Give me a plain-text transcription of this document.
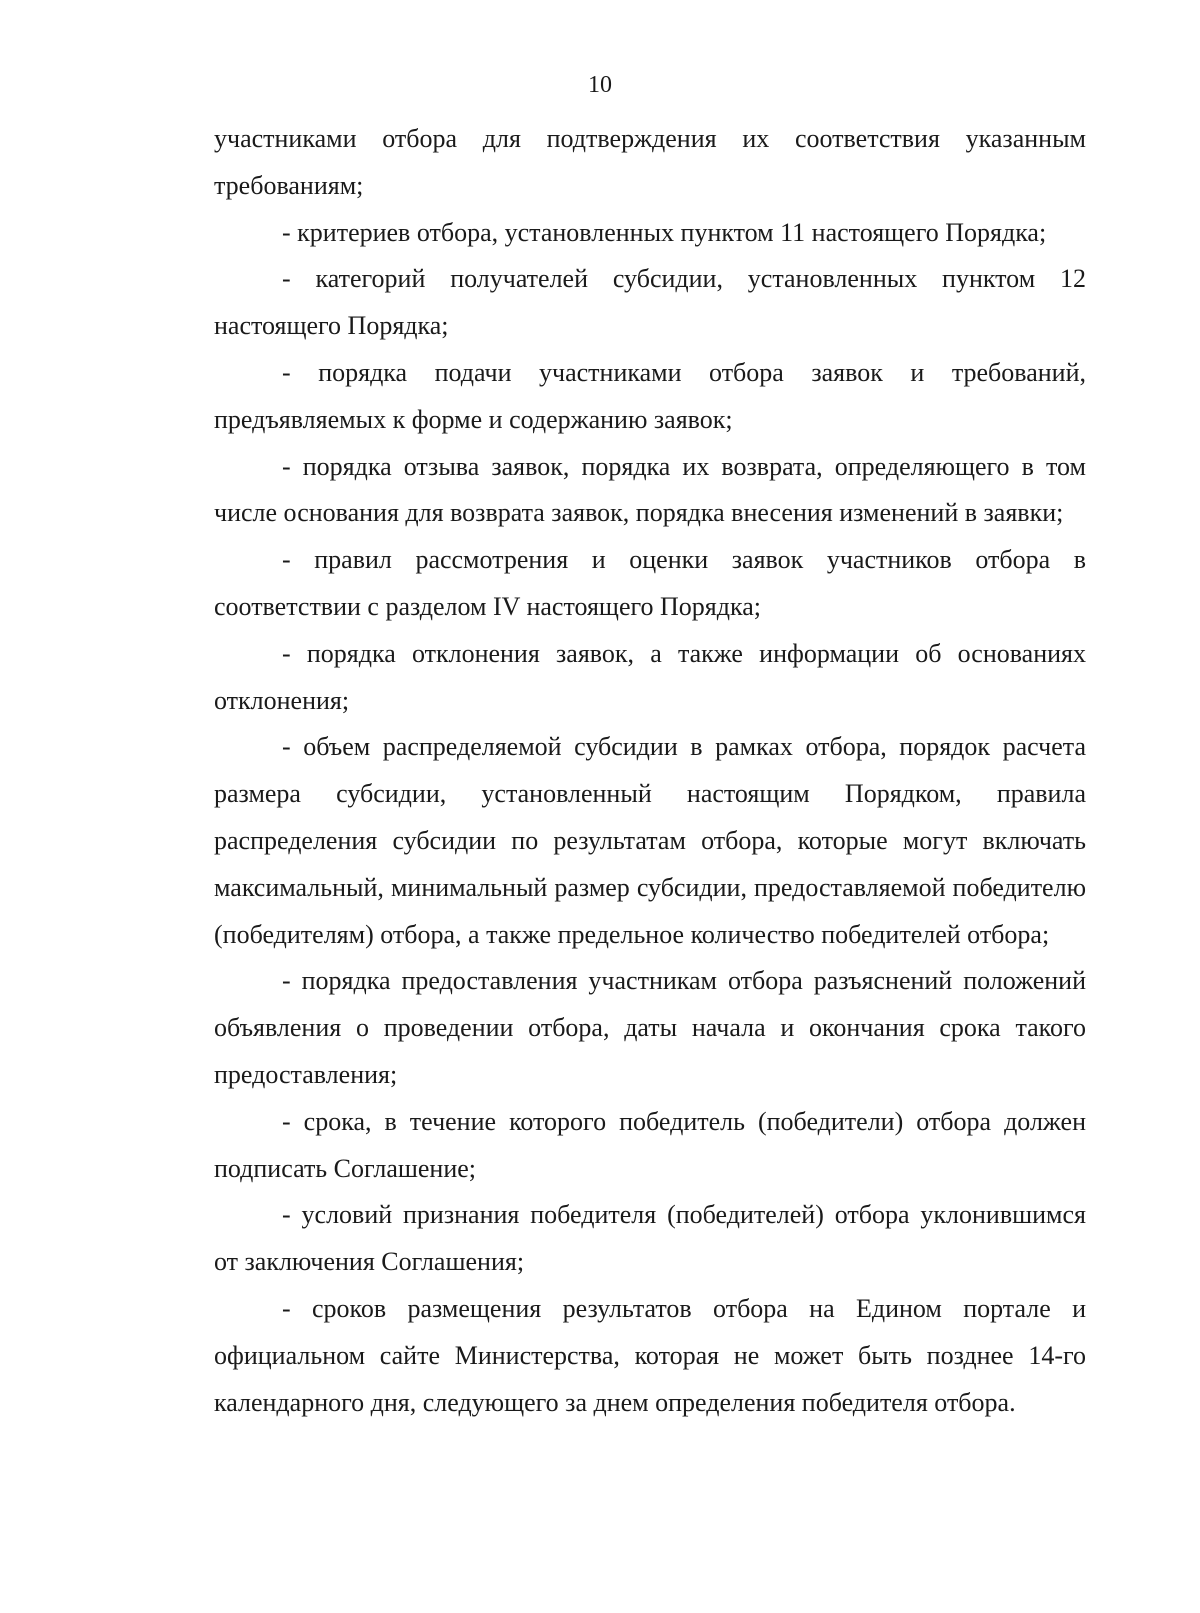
10

участниками отбора для подтверждения их соответствия указанным требованиям;

- критериев отбора, установленных пунктом 11 настоящего Порядка;

- категорий получателей субсидии, установленных пунктом 12 настоящего Порядка;

- порядка подачи участниками отбора заявок и требований, предъявляемых к форме и содержанию заявок;

- порядка отзыва заявок, порядка их возврата, определяющего в том числе основания для возврата заявок, порядка внесения изменений в заявки;

- правил рассмотрения и оценки заявок участников отбора в соответствии с разделом IV настоящего Порядка;

- порядка отклонения заявок, а также информации об основаниях отклонения;

- объем распределяемой субсидии в рамках отбора, порядок расчета размера субсидии, установленный настоящим Порядком, правила распределения субсидии по результатам отбора, которые могут включать максимальный, минимальный размер субсидии, предоставляемой победителю (победителям) отбора, а также предельное количество победителей отбора;

- порядка предоставления участникам отбора разъяснений положений объявления о проведении отбора, даты начала и окончания срока такого предоставления;

- срока, в течение которого победитель (победители) отбора должен подписать Соглашение;

- условий признания победителя (победителей) отбора уклонившимся от заключения Соглашения;

- сроков размещения результатов отбора на Едином портале и официальном сайте Министерства, которая не может быть позднее 14-го календарного дня, следующего за днем определения победителя отбора.
